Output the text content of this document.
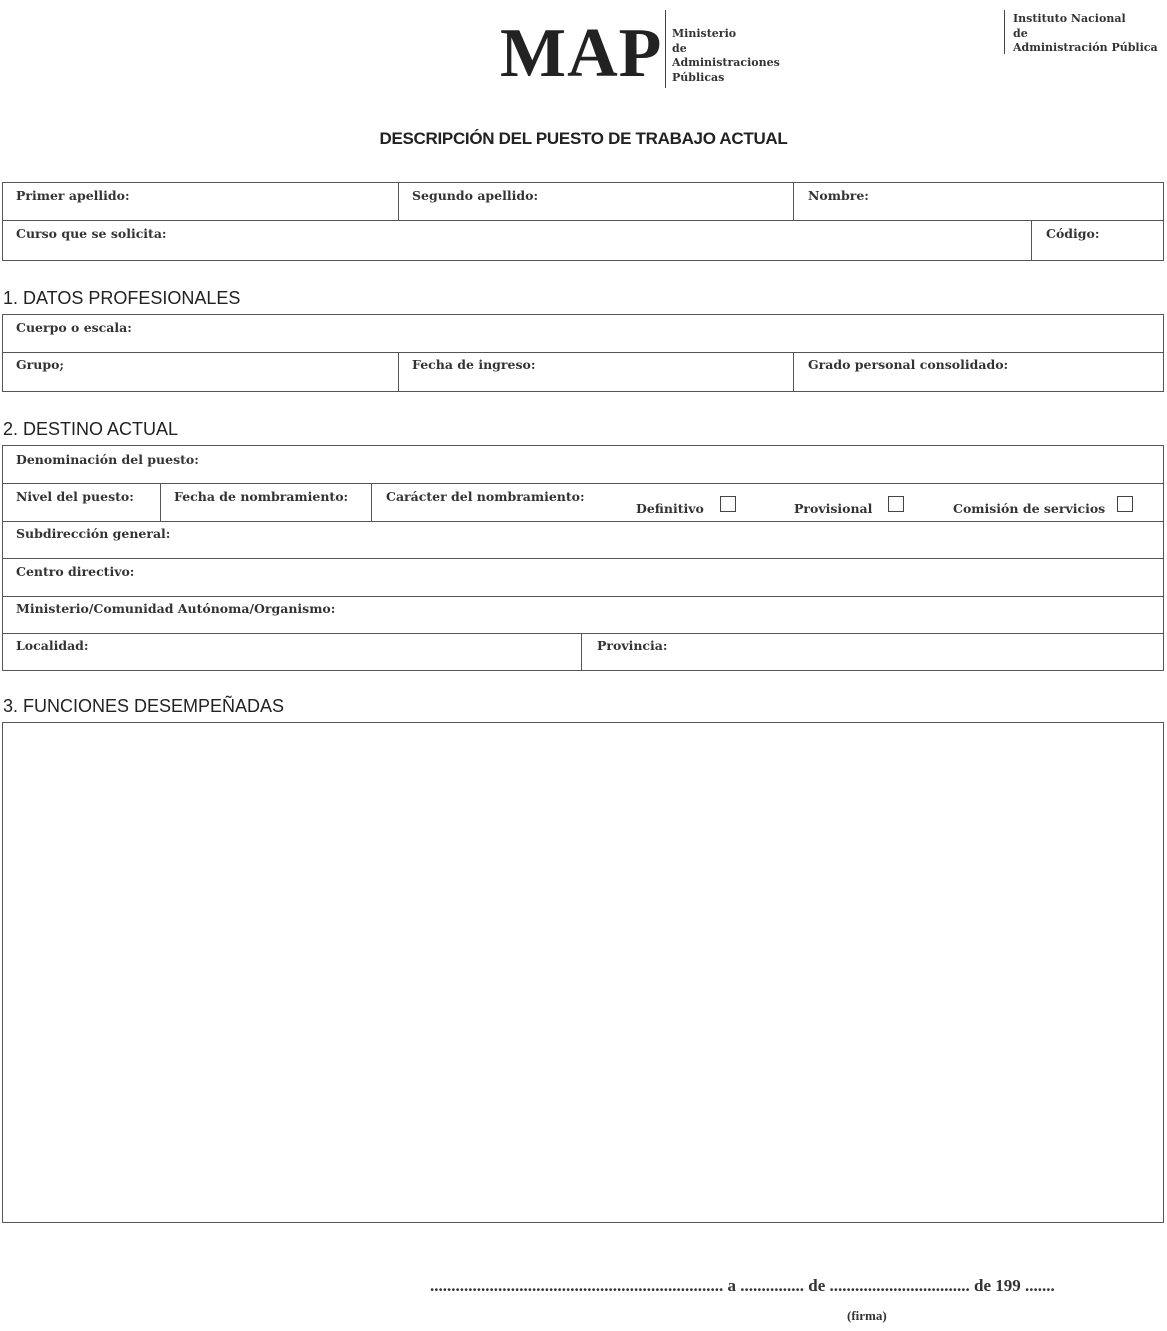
MAP Ministerio
de
Administraciones
Públicas
Instituto Nacional
de
Administración Pública
DESCRIPCIÓN DEL PUESTO DE TRABAJO ACTUAL
Primer apellido:	Segundo apellido:	Nombre:
Curso que se solicita:	Código:
1. DATOS PROFESIONALES
Cuerpo o escala:
Grupo;	Fecha de ingreso:	Grado personal consolidado:
2. DESTINO ACTUAL
Denominación del puesto:
Nivel del puesto:	Fecha de nombramiento:	Carácter del nombramiento:
Definitivo	Provisional	Comisión de servicios
Subdirección general:
Centro directivo:
Ministerio/Comunidad Autónoma/Organismo:
Localidad:	Provincia:
3. FUNCIONES DESEMPEÑADAS
..................................................................... a ............... de ................................. de 199 .......
(firma)
